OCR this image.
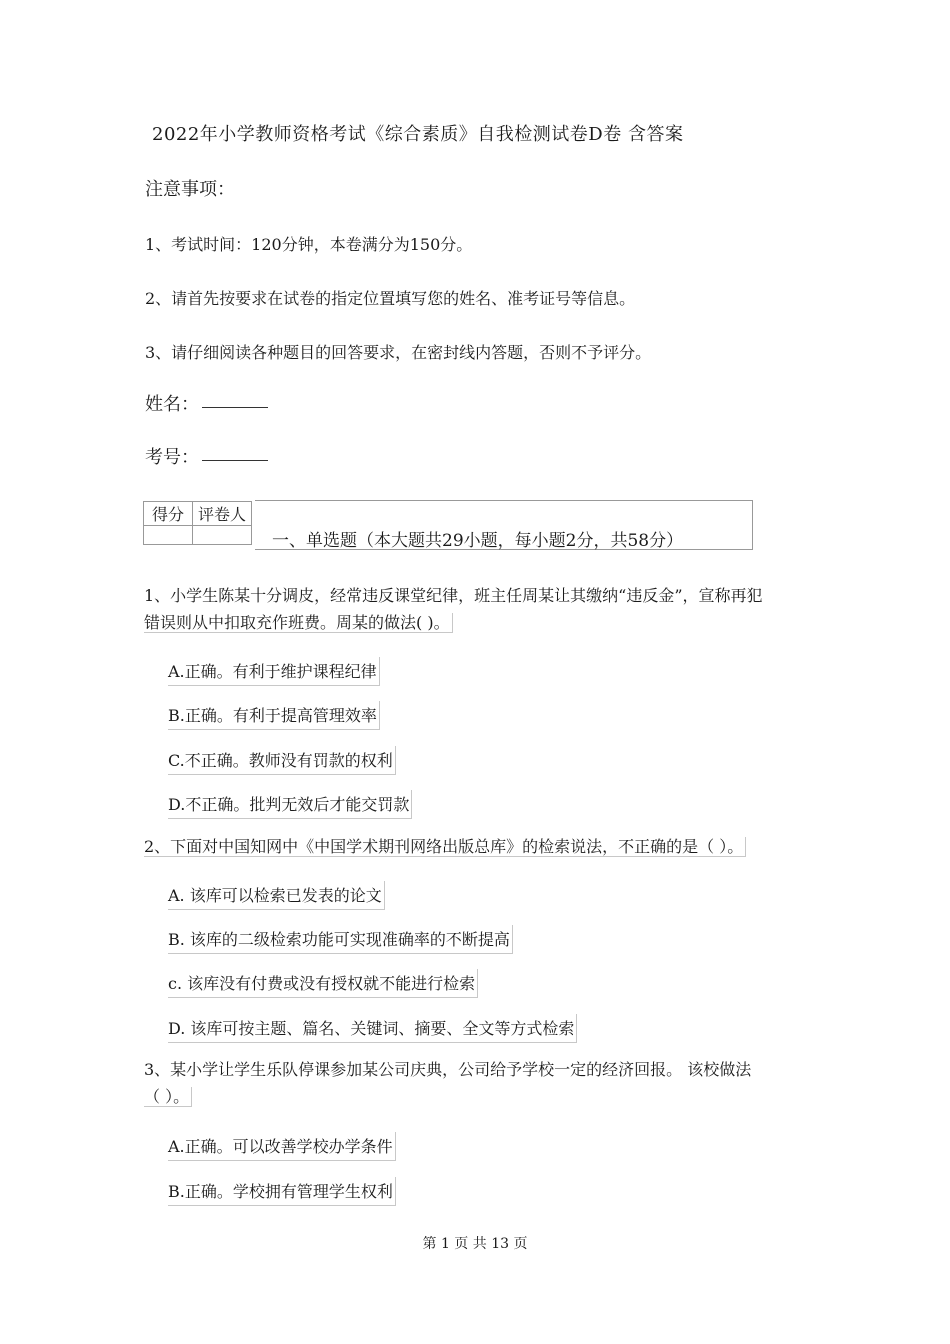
2022年小学教师资格考试《综合素质》自我检测试卷D卷 含答案
注意事项：
1、考试时间：120分钟，本卷满分为150分。
2、请首先按要求在试卷的指定位置填写您的姓名、准考证号等信息。
3、请仔细阅读各种题目的回答要求，在密封线内答题，否则不予评分。
姓名：
考号：
得分	评卷人

一、单选题（本大题共29小题，每小题2分，共58分）
1、小学生陈某十分调皮，经常违反课堂纪律，班主任周某让其缴纳“违反金”，宣称再犯
错误则从中扣取充作班费。周某的做法( )。
A.正确。有利于维护课程纪律
B.正确。有利于提高管理效率
C.不正确。教师没有罚款的权利
D.不正确。批判无效后才能交罚款
2、下面对中国知网中《中国学术期刊网络出版总库》的检索说法，不正确的是（ ）。
A. 该库可以检索已发表的论文
B. 该库的二级检索功能可实现准确率的不断提高
c. 该库没有付费或没有授权就不能进行检索
D. 该库可按主题、篇名、关键词、摘要、全文等方式检索
3、某小学让学生乐队停课参加某公司庆典，公司给予学校一定的经济回报。 该校做法
（ ）。
A.正确。可以改善学校办学条件
B.正确。学校拥有管理学生权利
第 1 页 共 13 页
